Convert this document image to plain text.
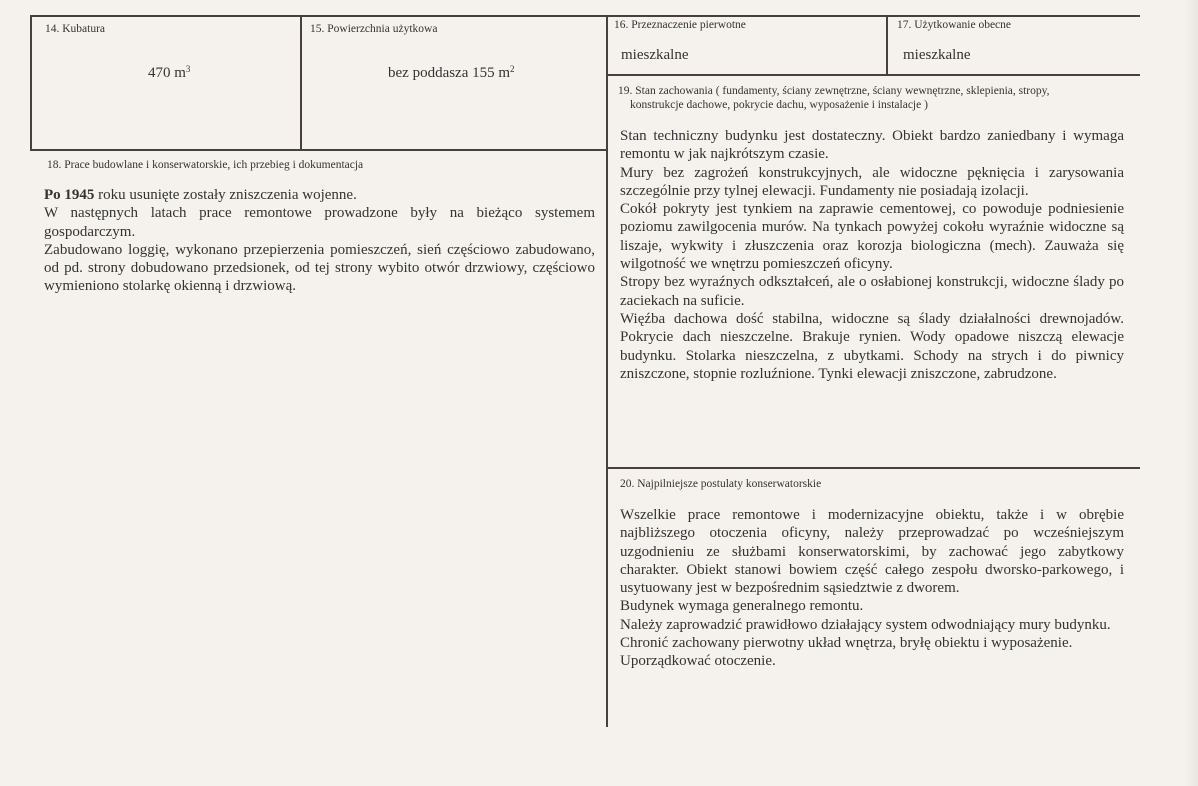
14. Kubatura
470 $m^3$
15. Powierzchnia użytkowa
bez poddasza 155 $m^2$
16. Przeznaczenie pierwotne
mieszkalne
17. Użytkowanie obecne
mieszkalne
19. Stan zachowania ( fundamenty, ściany zewnętrzne, ściany wewnętrzne, sklepienia, stropy,
konstrukcje dachowe, pokrycie dachu, wyposażenie i instalacje )

Stan techniczny budynku jest dostateczny. Obiekt bardzo zaniedbany i wymaga remontu w jak najkrótszym czasie.

Mury bez zagrożeń konstrukcyjnych, ale widoczne pęknięcia i zarysowania szczególnie przy tylnej elewacji. Fundamenty nie posiadają izolacji.

Cokół pokryty jest tynkiem na zaprawie cementowej, co powoduje podniesienie poziomu zawilgocenia murów. Na tynkach powyżej cokołu wyraźnie widoczne są liszaje, wykwity i złuszczenia oraz korozja biologiczna (mech). Zauważa się wilgotność we wnętrzu pomieszczeń oficyny.

Stropy bez wyraźnych odkształceń, ale o osłabionej konstrukcji, widoczne ślady po zaciekach na suficie.

Więźba dachowa dość stabilna, widoczne są ślady działalności drewnojadów. Pokrycie dach nieszczelne. Brakuje rynien. Wody opadowe niszczą elewacje budynku. Stolarka nieszczelna, z ubytkami. Schody na strych i do piwnicy zniszczone, stopnie rozluźnione. Tynki elewacji zniszczone, zabrudzone.

18. Prace budowlane i konserwatorskie, ich przebieg i dokumentacja

Po 1945 roku usunięte zostały zniszczenia wojenne.

W następnych latach prace remontowe prowadzone były na bieżąco systemem gospodarczym.

Zabudowano loggię, wykonano przepierzenia pomieszczeń, sień częściowo zabudowano, od pd. strony dobudowano przedsionek, od tej strony wybito otwór drzwiowy, częściowo wymieniono stolarkę okienną i drzwiową.

20. Najpilniejsze postulaty konserwatorskie

Wszelkie prace remontowe i modernizacyjne obiektu, także i w obrębie najbliższego otoczenia oficyny, należy przeprowadzać po wcześniejszym uzgodnieniu ze służbami konserwatorskimi, by zachować jego zabytkowy charakter. Obiekt stanowi bowiem część całego zespołu dworsko-parkowego, i usytuowany jest w bezpośrednim sąsiedztwie z dworem.

Budynek wymaga generalnego remontu.

Należy zaprowadzić prawidłowo działający system odwodniający mury budynku.

Chronić zachowany pierwotny układ wnętrza, bryłę obiektu i wyposażenie.

Uporządkować otoczenie.
